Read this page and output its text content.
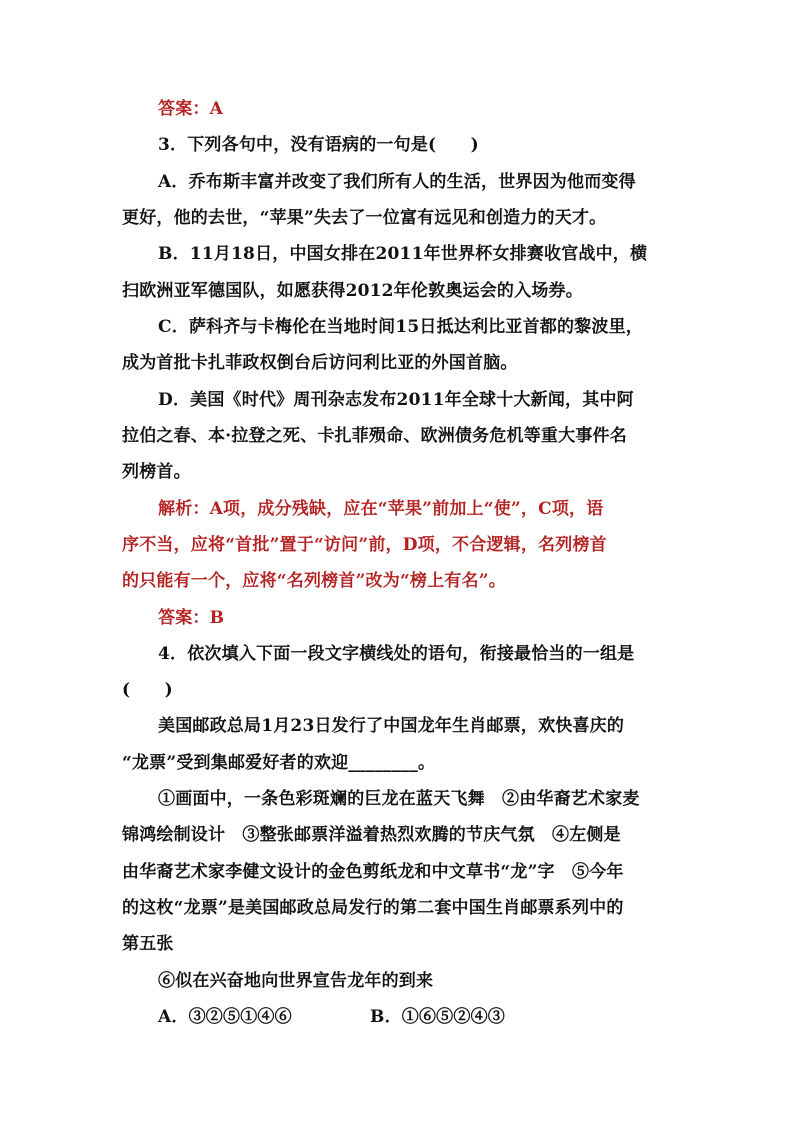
答案：A
3．下列各句中，没有语病的一句是(　　)
A．乔布斯丰富并改变了我们所有人的生活，世界因为他而变得
更好，他的去世，“苹果”失去了一位富有远见和创造力的天才。
B．11月18日，中国女排在2011年世界杯女排赛收官战中，横
扫欧洲亚军德国队，如愿获得2012年伦敦奥运会的入场券。
C．萨科齐与卡梅伦在当地时间15日抵达利比亚首都的黎波里，
成为首批卡扎菲政权倒台后访问利比亚的外国首脑。
D．美国《时代》周刊杂志发布2011年全球十大新闻，其中阿
拉伯之春、本·拉登之死、卡扎菲殒命、欧洲债务危机等重大事件名
列榜首。
解析：A项，成分残缺，应在“苹果”前加上“使”，C项，语
序不当，应将“首批”置于“访问”前，D项，不合逻辑，名列榜首
的只能有一个，应将“名列榜首”改为“榜上有名”。
答案：B
4．依次填入下面一段文字横线处的语句，衔接最恰当的一组是
(　　)
美国邮政总局1月23日发行了中国龙年生肖邮票，欢快喜庆的
“龙票”受到集邮爱好者的欢迎________。
①画面中，一条色彩斑斓的巨龙在蓝天飞舞　②由华裔艺术家麦
锦鸿绘制设计　③整张邮票洋溢着热烈欢腾的节庆气氛　④左侧是
由华裔艺术家李健文设计的金色剪纸龙和中文草书“龙”字　⑤今年
的这枚“龙票”是美国邮政总局发行的第二套中国生肖邮票系列中的
第五张
⑥似在兴奋地向世界宣告龙年的到来
A．③②⑤①④⑥	B．①⑥⑤②④③
